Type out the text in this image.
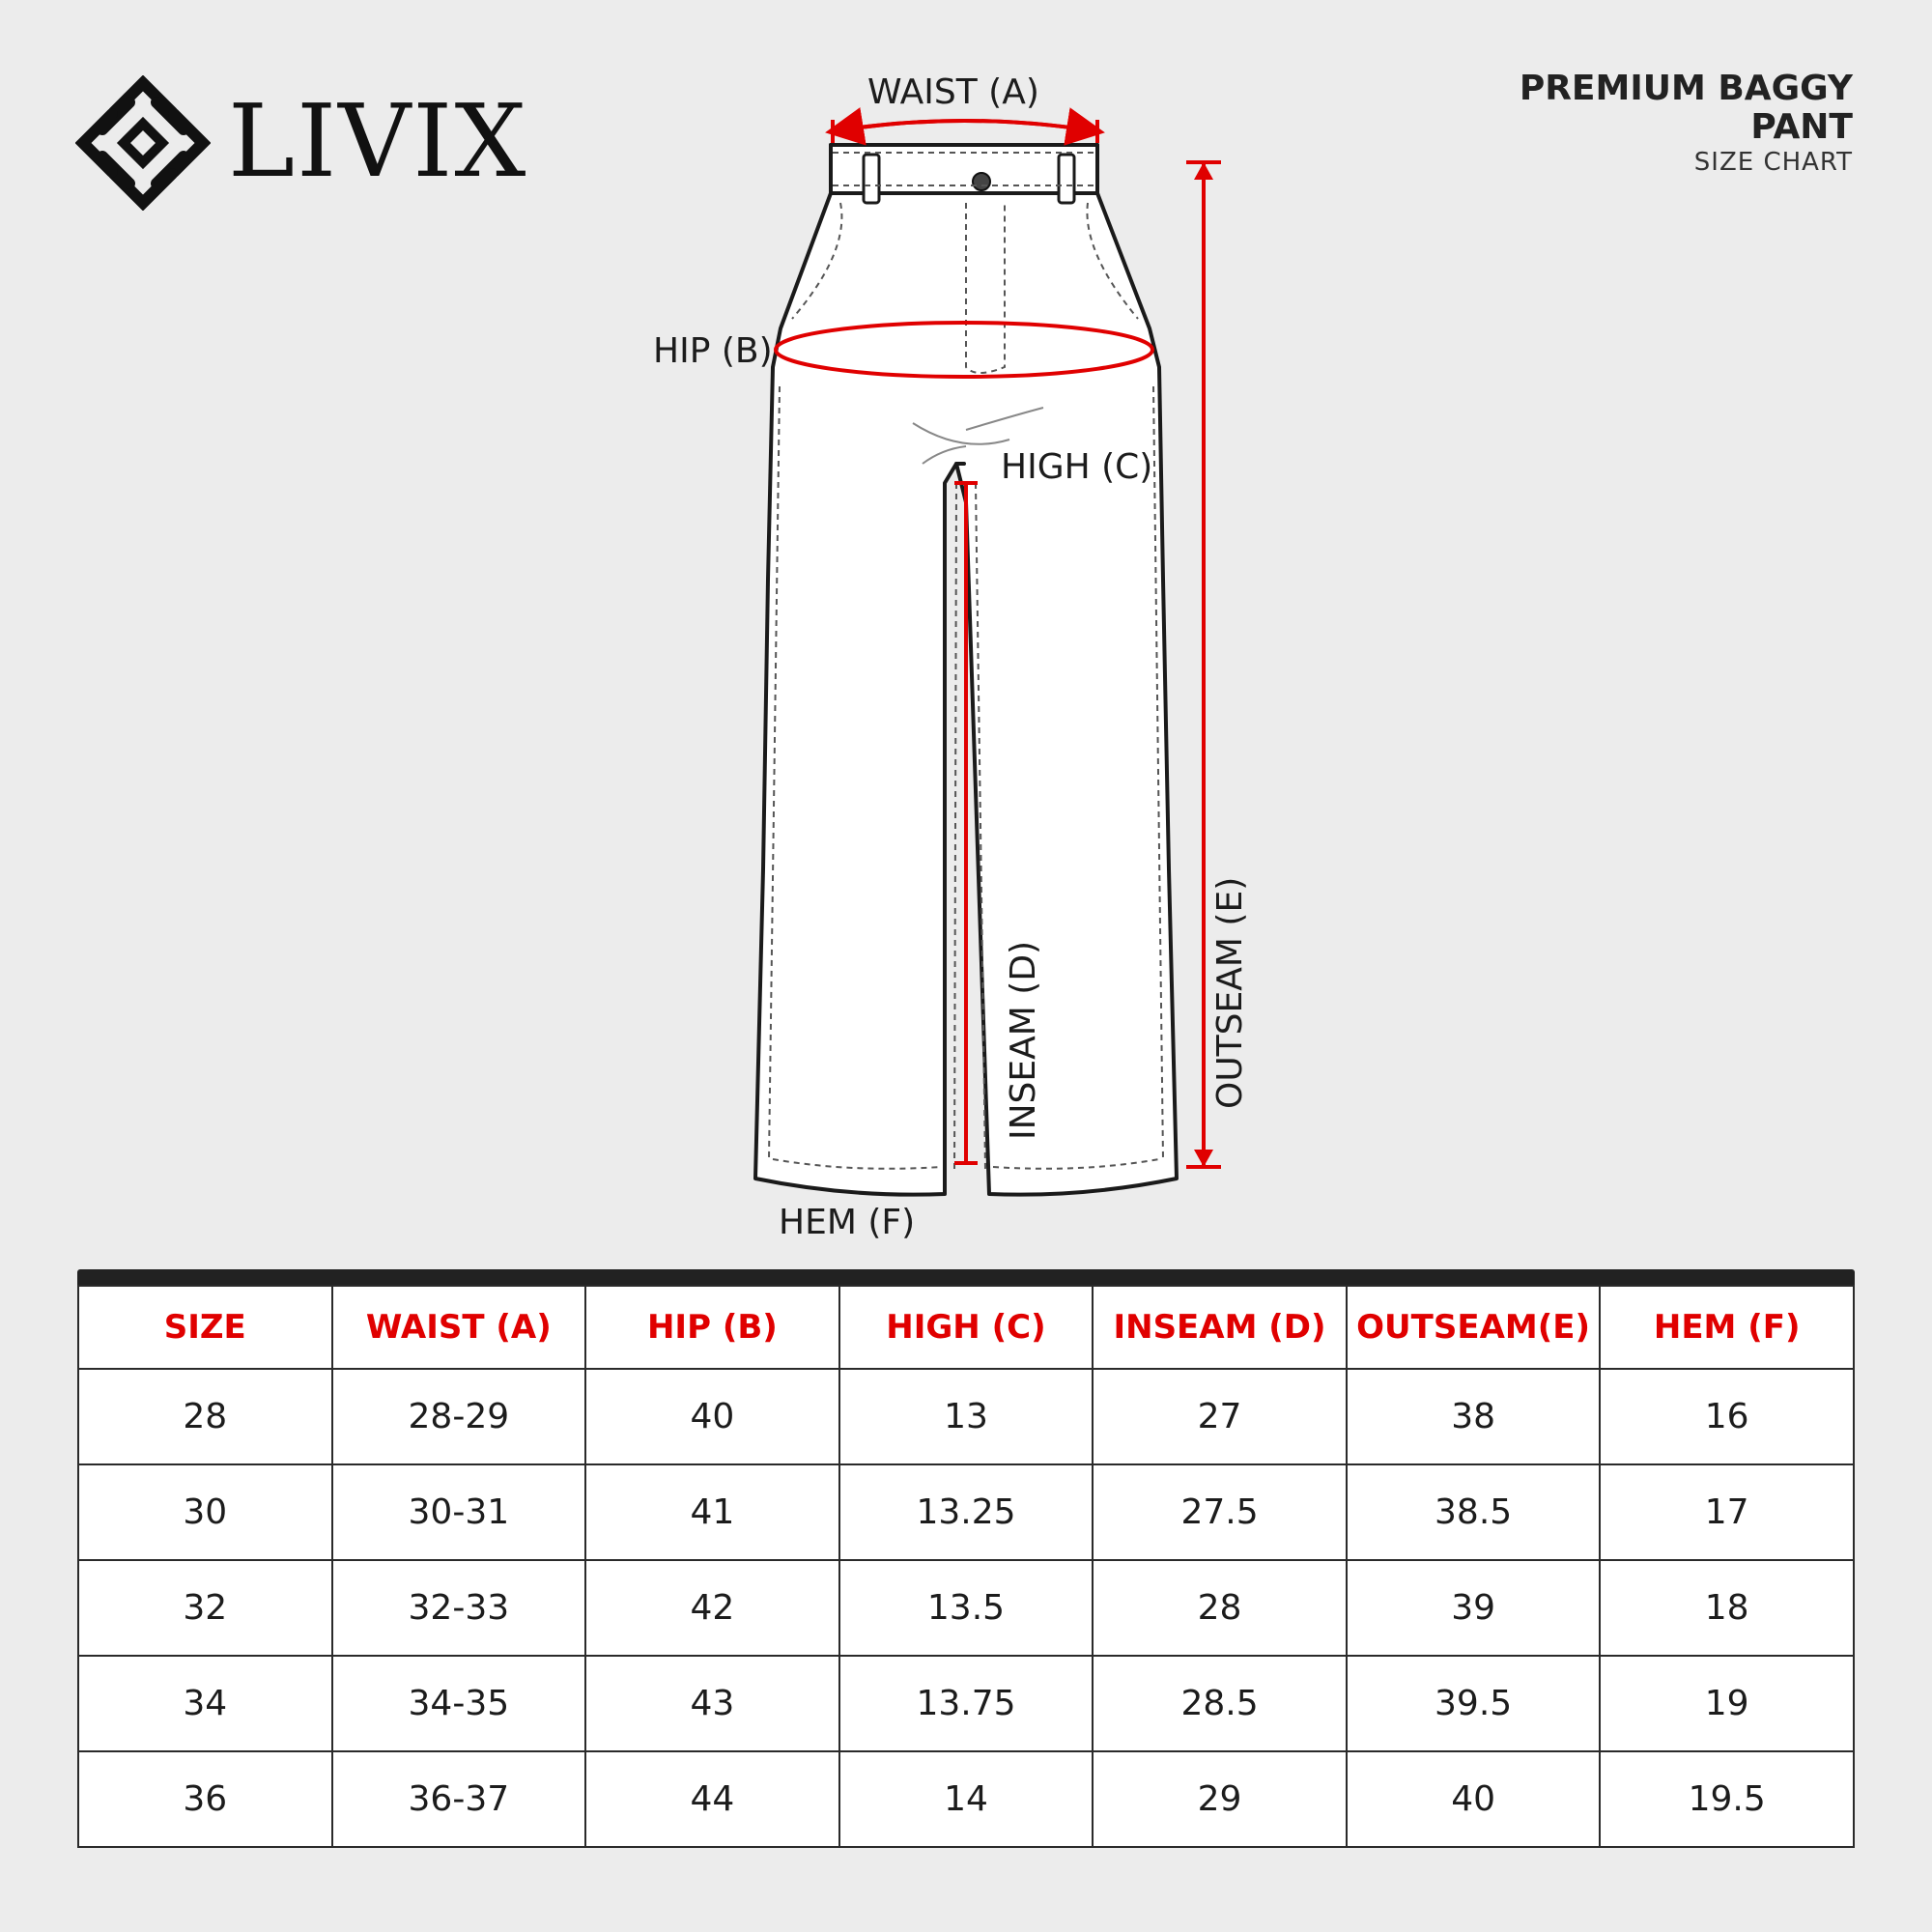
LIVIX	PREMIUM BAGGY
PANT
SIZE CHART
WAIST (A)
HIP (B)
HIGH (C)
INSEAM (D)	OUTSEAM (E)
HEM (F)
SIZE	WAIST (A)	HIP (B)	HIGH (C)	INSEAM (D)	OUTSEAM(E)	HEM (F)
28	28-29	40	13	27	38	16
30	30-31	41	13.25	27.5	38.5	17
32	32-33	42	13.5	28	39	18
34	34-35	43	13.75	28.5	39.5	19
36	36-37	44	14	29	40	19.5
